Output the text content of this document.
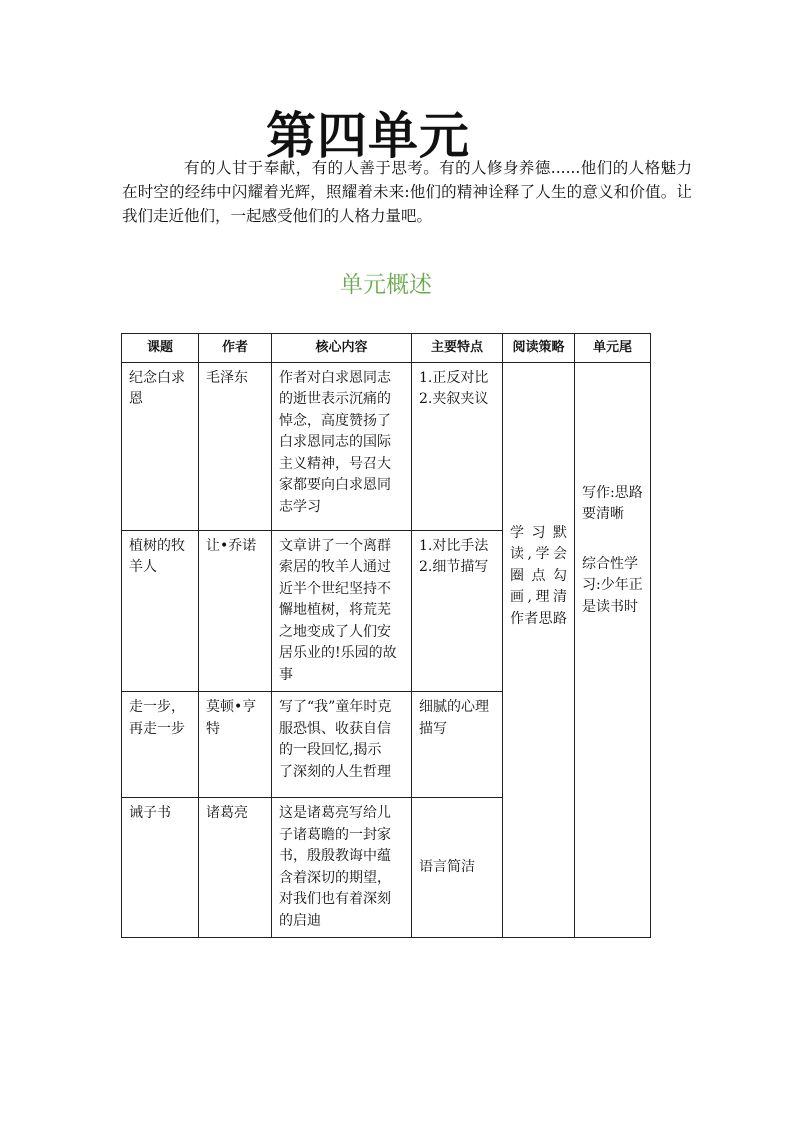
第四单元

有的人甘于奉献，有的人善于思考。有的人修身养德......他们的人格魅力在时空的经纬中闪耀着光辉，照耀着未来:他们的精神诠释了人生的意义和价值。让我们走近他们，一起感受他们的人格力量吧。

单元概述
课题	作者	核心内容	主要特点	阅读策略	单元尾
纪念白求恩	毛泽东	作者对白求恩同志的逝世表示沉痛的悼念，高度赞扬了白求恩同志的国际主义精神，号召大家都要向白求恩同志学习	1.正反对比
2.夹叙夹议	学习默读,学会圈点勾画,理清作者思路	写作:思路要清晰
综合性学习:少年正是读书时

植树的牧羊人	让•乔诺	文章讲了一个离群索居的牧羊人通过近半个世纪坚持不懈地植树，将荒芜之地变成了人们安居乐业的!乐园的故事	1.对比手法
2.细节描写		
走一步，再走一步	莫顿•亨特	写了“我”童年时克服恐惧、收获自信的一段回忆,揭示
了深刻的人生哲理	细腻的心理描写		
诫子书	诸葛亮	这是诸葛亮写给儿子诸葛瞻的一封家书，殷殷教诲中蕴含着深切的期望，对我们也有着深刻的启迪	语言简洁		
